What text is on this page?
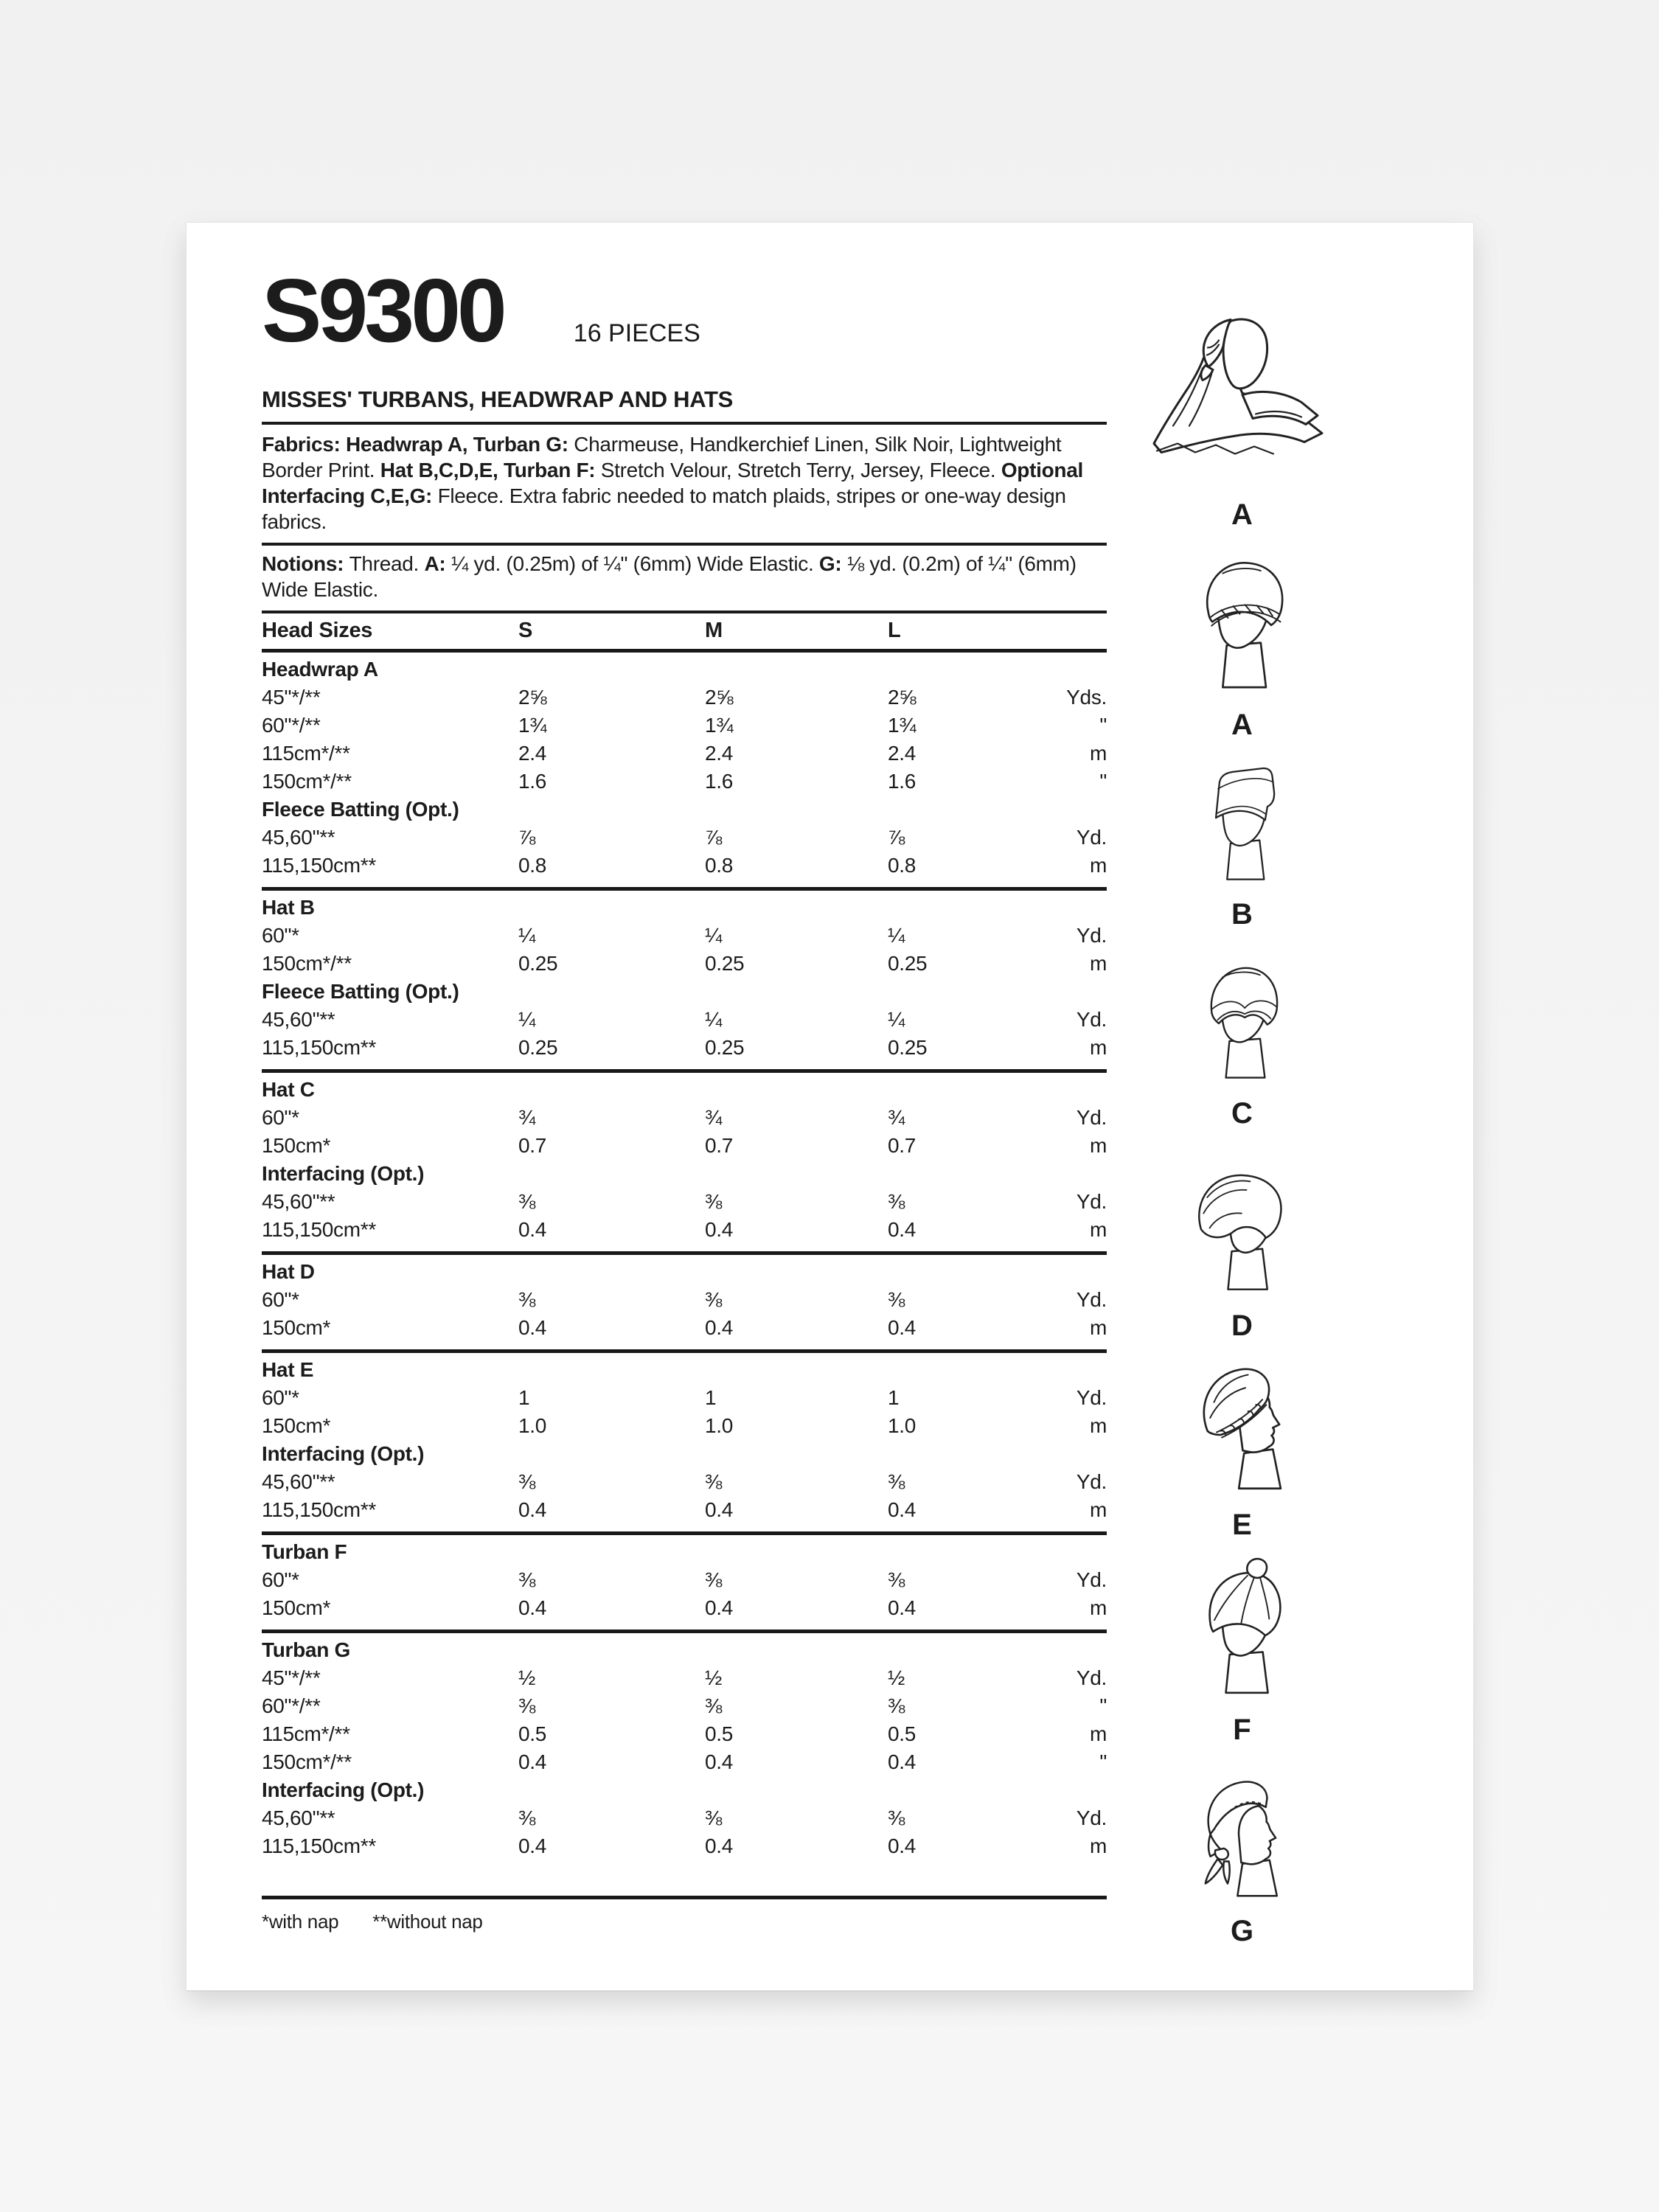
S9300	16 PIECES
MISSES' TURBANS, HEADWRAP AND HATS

Fabrics: Headwrap A, Turban G: Charmeuse, Handkerchief Linen, Silk Noir, Lightweight Border Print. Hat B,C,D,E, Turban F: Stretch Velour, Stretch Terry, Jersey, Fleece. Optional Interfacing C,E,G: Fleece. Extra fabric needed to match plaids, stripes or one-way design fabrics.

Notions: Thread. A: ¼ yd. (0.25m) of ¼" (6mm) Wide Elastic. G: ⅛ yd. (0.2m) of ¼" (6mm) Wide Elastic.

Head Sizes	S	M	L
Headwrap A
45"*/**	2⅝	2⅝	2⅝	Yds.
60"*/**	1¾	1¾	1¾	"
115cm*/**	2.4	2.4	2.4	m
150cm*/**	1.6	1.6	1.6	"
Fleece Batting (Opt.)
45,60"**	⅞	⅞	⅞	Yd.
115,150cm**	0.8	0.8	0.8	m
Hat B
60"*	¼	¼	¼	Yd.
150cm*/**	0.25	0.25	0.25	m
Fleece Batting (Opt.)
45,60"**	¼	¼	¼	Yd.
115,150cm**	0.25	0.25	0.25	m
Hat C
60"*	¾	¾	¾	Yd.
150cm*	0.7	0.7	0.7	m
Interfacing (Opt.)
45,60"**	⅜	⅜	⅜	Yd.
115,150cm**	0.4	0.4	0.4	m
Hat D
60"*	⅜	⅜	⅜	Yd.
150cm*	0.4	0.4	0.4	m
Hat E
60"*	1	1	1	Yd.
150cm*	1.0	1.0	1.0	m
Interfacing (Opt.)
45,60"**	⅜	⅜	⅜	Yd.
115,150cm**	0.4	0.4	0.4	m
Turban F
60"*	⅜	⅜	⅜	Yd.
150cm*	0.4	0.4	0.4	m
Turban G
45"*/**	½	½	½	Yd.
60"*/**	⅜	⅜	⅜	"
115cm*/**	0.5	0.5	0.5	m
150cm*/**	0.4	0.4	0.4	"
Interfacing (Opt.)
45,60"**	⅜	⅜	⅜	Yd.
115,150cm**	0.4	0.4	0.4	m
*with nap **without nap
A
A
B
C
D
E
F
G
